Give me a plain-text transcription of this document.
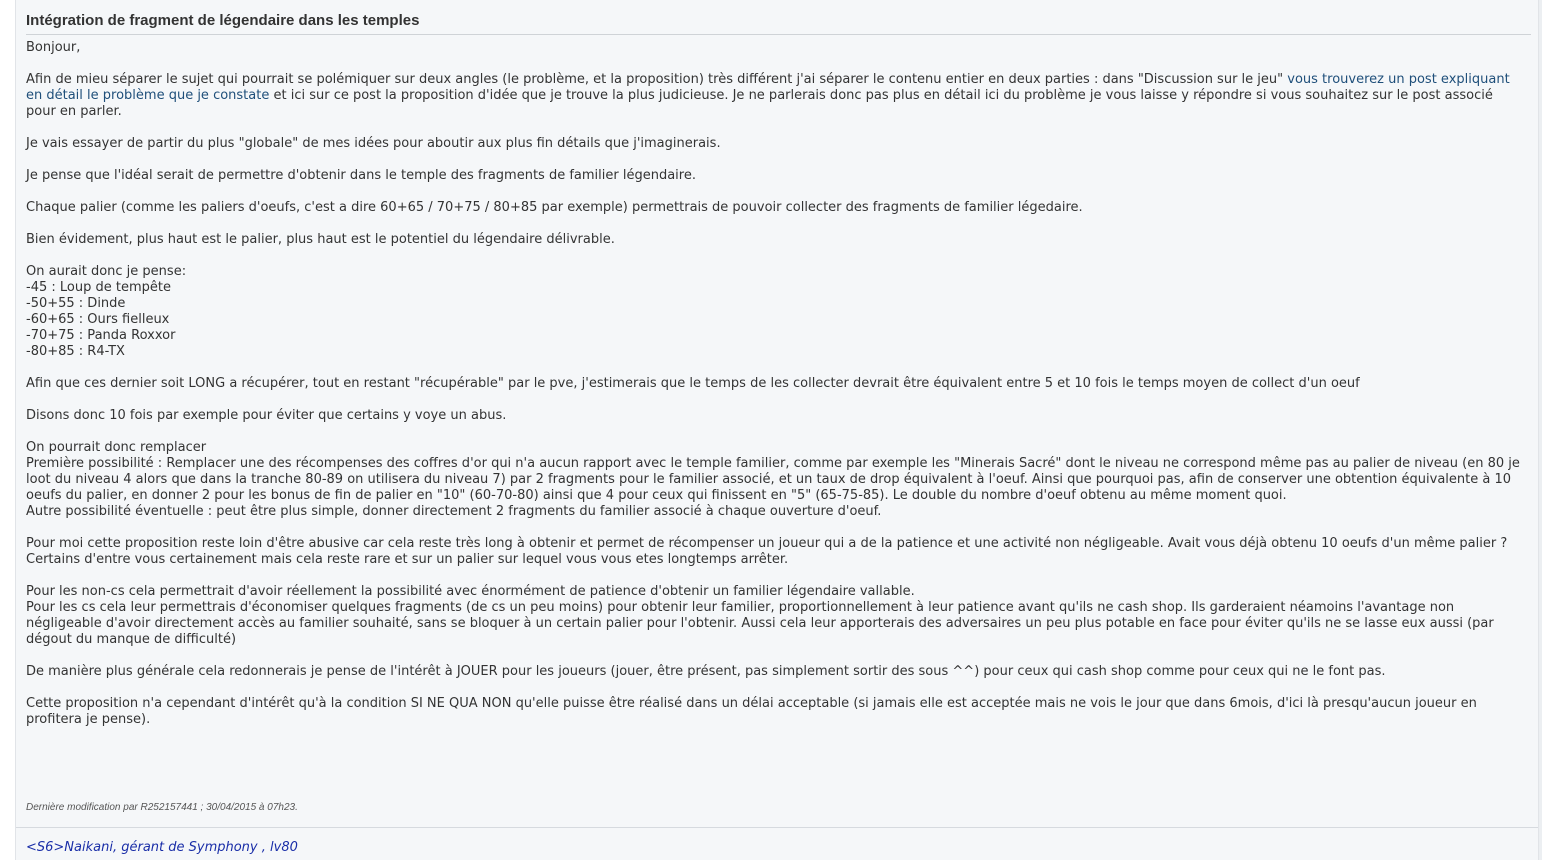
Intégration de fragment de légendaire dans les temples

Bonjour,

Afin de mieu séparer le sujet qui pourrait se polémiquer sur deux angles (le problème, et la proposition) très différent j'ai séparer le contenu entier en deux parties : dans "Discussion sur le jeu" vous trouverez un post expliquant en détail le problème que je constate et ici sur ce post la proposition d'idée que je trouve la plus judicieuse. Je ne parlerais donc pas plus en détail ici du problème je vous laisse y répondre si vous souhaitez sur le post associé pour en parler.

Je vais essayer de partir du plus "globale" de mes idées pour aboutir aux plus fin détails que j'imaginerais.

Je pense que l'idéal serait de permettre d'obtenir dans le temple des fragments de familier légendaire.

Chaque palier (comme les paliers d'oeufs, c'est a dire 60+65 / 70+75 / 80+85 par exemple) permettrais de pouvoir collecter des fragments de familier légedaire.

Bien évidement, plus haut est le palier, plus haut est le potentiel du légendaire délivrable.

On aurait donc je pense:
-45 : Loup de tempête
-50+55 : Dinde
-60+65 : Ours fielleux
-70+75 : Panda Roxxor
-80+85 : R4-TX

Afin que ces dernier soit LONG a récupérer, tout en restant "récupérable" par le pve, j'estimerais que le temps de les collecter devrait être équivalent entre 5 et 10 fois le temps moyen de collect d'un oeuf

Disons donc 10 fois par exemple pour éviter que certains y voye un abus.

On pourrait donc remplacer
Première possibilité : Remplacer une des récompenses des coffres d'or qui n'a aucun rapport avec le temple familier, comme par exemple les "Minerais Sacré" dont le niveau ne correspond même pas au palier de niveau (en 80 je loot du niveau 4 alors que dans la tranche 80-89 on utilisera du niveau 7) par 2 fragments pour le familier associé, et un taux de drop équivalent à l'oeuf. Ainsi que pourquoi pas, afin de conserver une obtention équivalente à 10 oeufs du palier, en donner 2 pour les bonus de fin de palier en "10" (60-70-80) ainsi que 4 pour ceux qui finissent en "5" (65-75-85). Le double du nombre d'oeuf obtenu au même moment quoi.
Autre possibilité éventuelle : peut être plus simple, donner directement 2 fragments du familier associé à chaque ouverture d'oeuf.

Pour moi cette proposition reste loin d'être abusive car cela reste très long à obtenir et permet de récompenser un joueur qui a de la patience et une activité non négligeable. Avait vous déjà obtenu 10 oeufs d'un même palier ? Certains d'entre vous certainement mais cela reste rare et sur un palier sur lequel vous vous etes longtemps arrêter.

Pour les non-cs cela permettrait d'avoir réellement la possibilité avec énormément de patience d'obtenir un familier légendaire vallable.
Pour les cs cela leur permettrais d'économiser quelques fragments (de cs un peu moins) pour obtenir leur familier, proportionnellement à leur patience avant qu'ils ne cash shop. Ils garderaient néamoins l'avantage non négligeable d'avoir directement accès au familier souhaité, sans se bloquer à un certain palier pour l'obtenir. Aussi cela leur apporterais des adversaires un peu plus potable en face pour éviter qu'ils ne se lasse eux aussi (par dégout du manque de difficulté)

De manière plus générale cela redonnerais je pense de l'intérêt à JOUER pour les joueurs (jouer, être présent, pas simplement sortir des sous ^^) pour ceux qui cash shop comme pour ceux qui ne le font pas.

Cette proposition n'a cependant d'intérêt qu'à la condition SI NE QUA NON qu'elle puisse être réalisé dans un délai acceptable (si jamais elle est acceptée mais ne vois le jour que dans 6mois, d'ici là presqu'aucun joueur en profitera je pense).

Dernière modification par R252157441 ; 30/04/2015 à 07h23.
<S6>Naikani, gérant de Symphony , lv80
